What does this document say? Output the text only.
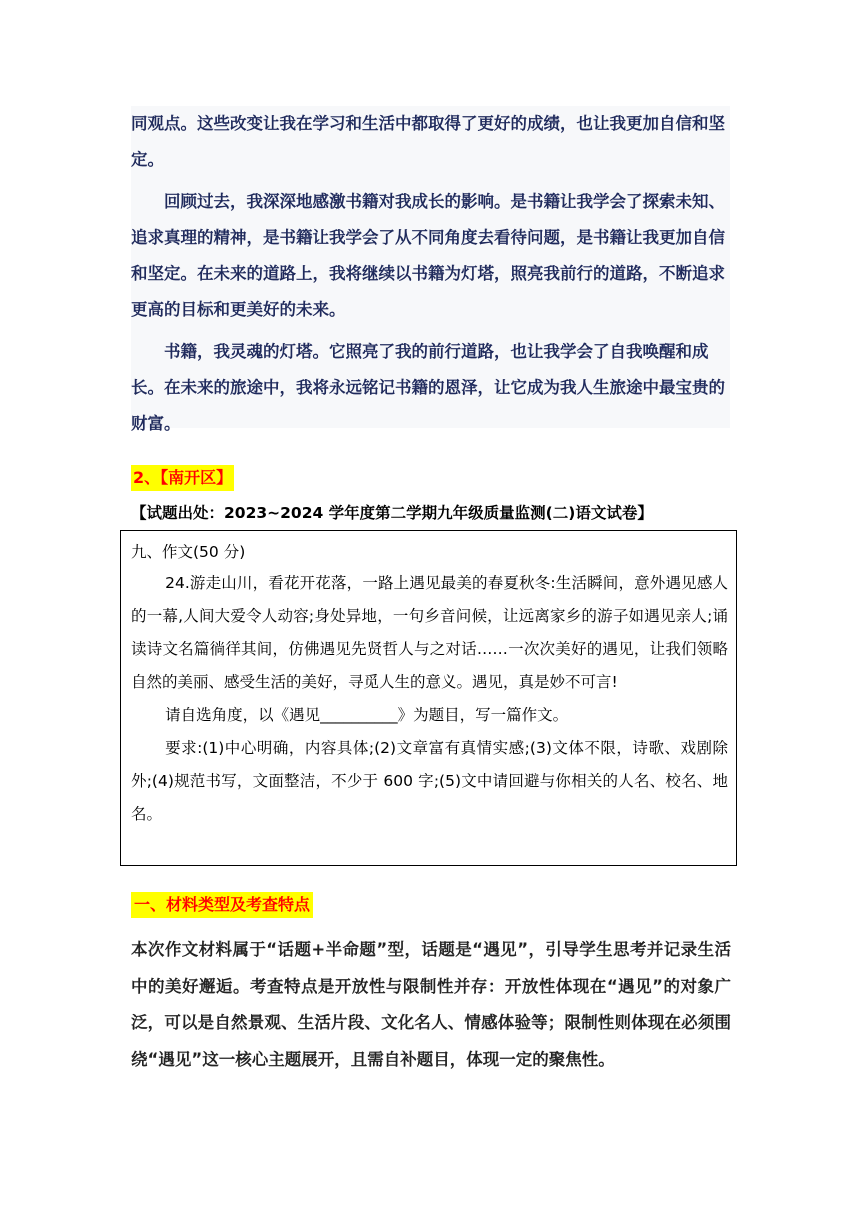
同观点。这些改变让我在学习和生活中都取得了更好的成绩，也让我更加自信和坚定。

回顾过去，我深深地感激书籍对我成长的影响。是书籍让我学会了探索未知、追求真理的精神，是书籍让我学会了从不同角度去看待问题，是书籍让我更加自信和坚定。在未来的道路上，我将继续以书籍为灯塔，照亮我前行的道路，不断追求更高的目标和更美好的未来。

书籍，我灵魂的灯塔。它照亮了我的前行道路，也让我学会了自我唤醒和成长。在未来的旅途中，我将永远铭记书籍的恩泽，让它成为我人生旅途中最宝贵的财富。

2、【南开区】
【试题出处：2023~2024 学年度第二学期九年级质量监测(二)语文试卷】

九、作文(50 分)

24.游走山川，看花开花落，一路上遇见最美的春夏秋冬:生活瞬间，意外遇见感人的一幕,人间大爱令人动容;身处异地，一句乡音问候，让远离家乡的游子如遇见亲人;诵读诗文名篇徜徉其间，仿佛遇见先贤哲人与之对话……一次次美好的遇见，让我们领略自然的美丽、感受生活的美好，寻觅人生的意义。遇见，真是妙不可言!

请自选角度，以《遇见__________》为题目，写一篇作文。

要求:(1)中心明确，内容具体;(2)文章富有真情实感;(3)文体不限，诗歌、戏剧除外;(4)规范书写，文面整洁，不少于 600 字;(5)文中请回避与你相关的人名、校名、地名。

一、材料类型及考查特点

本次作文材料属于“话题+半命题”型，话题是“遇见”，引导学生思考并记录生活中的美好邂逅。考查特点是开放性与限制性并存：开放性体现在“遇见”的对象广泛，可以是自然景观、生活片段、文化名人、情感体验等；限制性则体现在必须围绕“遇见”这一核心主题展开，且需自补题目，体现一定的聚焦性。
